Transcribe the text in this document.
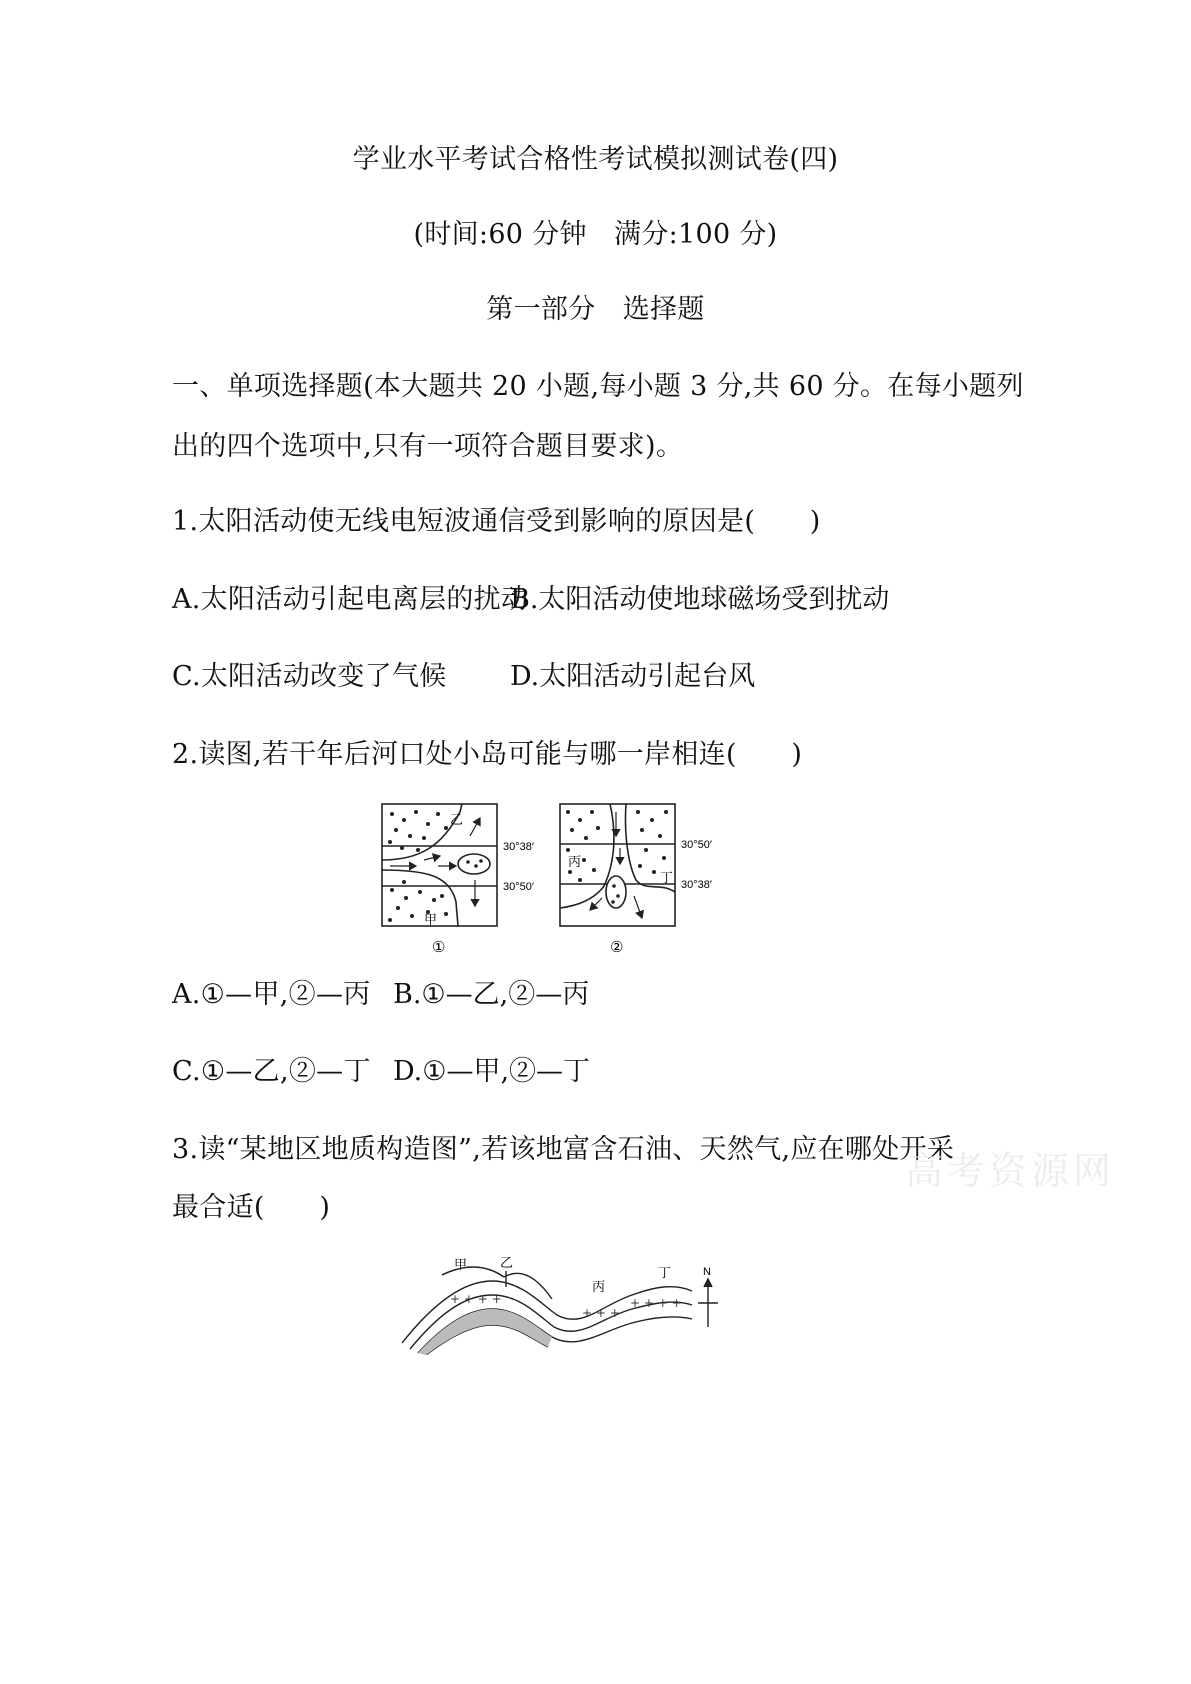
学业水平考试合格性考试模拟测试卷(四)
(时间:60 分钟　满分:100 分)
第一部分　选择题
一、单项选择题(本大题共 20 小题,每小题 3 分,共 60 分。在每小题列
出的四个选项中,只有一项符合题目要求)。
1.太阳活动使无线电短波通信受到影响的原因是(　　)
A.太阳活动引起电离层的扰动
B.太阳活动使地球磁场受到扰动
C.太阳活动改变了气候 D.太阳活动引起台风
2.读图,若干年后河口处小岛可能与哪一岸相连(　　)
乙
甲
30°38′
30°50′
①
丙
丁
30°50′
30°38′
②
A.①—甲,②—丙 B.①—乙,②—丙
C.①—乙,②—丁 D.①—甲,②—丁
3.读“某地区地质构造图”,若该地富含石油、天然气,应在哪处开采
最合适(　　)
+ + + +
+ + +
+ + + +
甲	乙
丙
丁	N
高考资源网
